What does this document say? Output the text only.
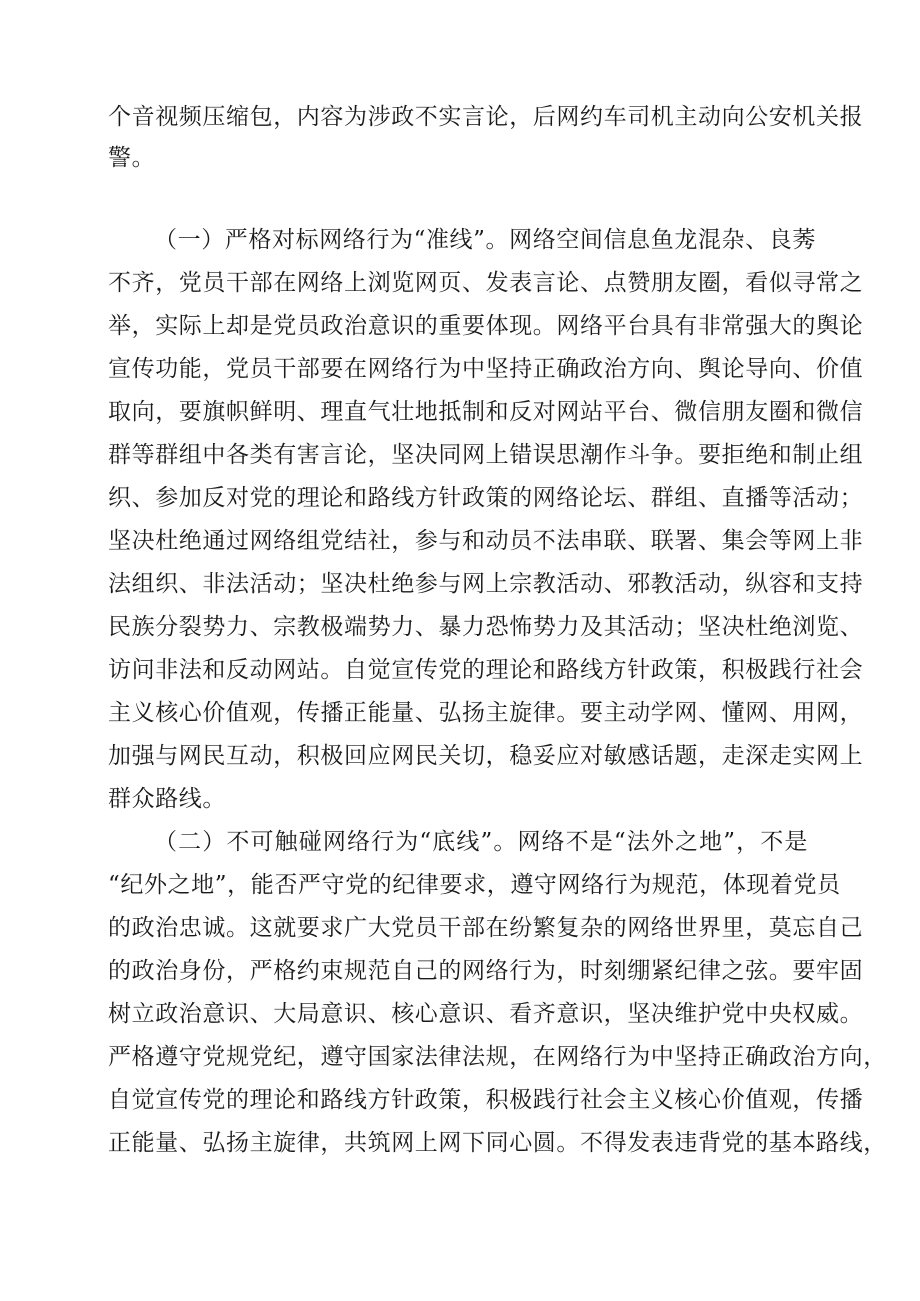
个音视频压缩包，内容为涉政不实言论，后网约车司机主动向公安机关报
警。
（一）严格对标网络行为“准线”。网络空间信息鱼龙混杂、良莠
不齐，党员干部在网络上浏览网页、发表言论、点赞朋友圈，看似寻常之
举，实际上却是党员政治意识的重要体现。网络平台具有非常强大的舆论
宣传功能，党员干部要在网络行为中坚持正确政治方向、舆论导向、价值
取向，要旗帜鲜明、理直气壮地抵制和反对网站平台、微信朋友圈和微信
群等群组中各类有害言论，坚决同网上错误思潮作斗争。要拒绝和制止组
织、参加反对党的理论和路线方针政策的网络论坛、群组、直播等活动；
坚决杜绝通过网络组党结社，参与和动员不法串联、联署、集会等网上非
法组织、非法活动；坚决杜绝参与网上宗教活动、邪教活动，纵容和支持
民族分裂势力、宗教极端势力、暴力恐怖势力及其活动；坚决杜绝浏览、
访问非法和反动网站。自觉宣传党的理论和路线方针政策，积极践行社会
主义核心价值观，传播正能量、弘扬主旋律。要主动学网、懂网、用网，
加强与网民互动，积极回应网民关切，稳妥应对敏感话题，走深走实网上
群众路线。
（二）不可触碰网络行为“底线”。网络不是“法外之地”，不是
“纪外之地”，能否严守党的纪律要求，遵守网络行为规范，体现着党员
的政治忠诚。这就要求广大党员干部在纷繁复杂的网络世界里，莫忘自己
的政治身份，严格约束规范自己的网络行为，时刻绷紧纪律之弦。要牢固
树立政治意识、大局意识、核心意识、看齐意识，坚决维护党中央权威。
严格遵守党规党纪，遵守国家法律法规，在网络行为中坚持正确政治方向，
自觉宣传党的理论和路线方针政策，积极践行社会主义核心价值观，传播
正能量、弘扬主旋律，共筑网上网下同心圆。不得发表违背党的基本路线，
